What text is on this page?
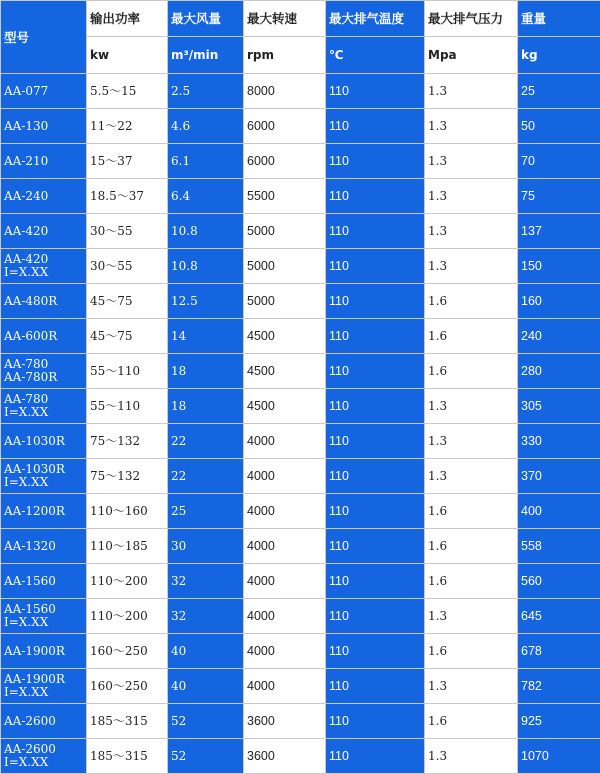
型号	输出功率	最大风量	最大转速	最大排气温度	最大排气压力	重量
	kw	m³/min	rpm	℃	Mpa	kg

AA-077	5.5～15	2.5	8000	110	1.3	25

AA-130	11～22	4.6	6000	110	1.3	50

AA-210	15～37	6.1	6000	110	1.3	70

AA-240	18.5～37	6.4	5500	110	1.3	75

AA-420	30～55	10.8	5000	110	1.3	137

AA-420
I=X.XX	30～55	10.8	5000	110	1.3	150

AA-480R	45～75	12.5	5000	110	1.6	160

AA-600R	45～75	14	4500	110	1.6	240

AA-780
AA-780R	55～110	18	4500	110	1.6	280

AA-780
I=X.XX	55～110	18	4500	110	1.3	305

AA-1030R	75～132	22	4000	110	1.3	330

AA-1030R
I=X.XX	75～132	22	4000	110	1.3	370

AA-1200R	110～160	25	4000	110	1.6	400

AA-1320	110～185	30	4000	110	1.6	558

AA-1560	110～200	32	4000	110	1.6	560

AA-1560
I=X.XX	110～200	32	4000	110	1.3	645

AA-1900R	160～250	40	4000	110	1.6	678

AA-1900R
I=X.XX	160～250	40	4000	110	1.3	782

AA-2600	185～315	52	3600	110	1.6	925

AA-2600
I=X.XX	185～315	52	3600	110	1.3	1070
